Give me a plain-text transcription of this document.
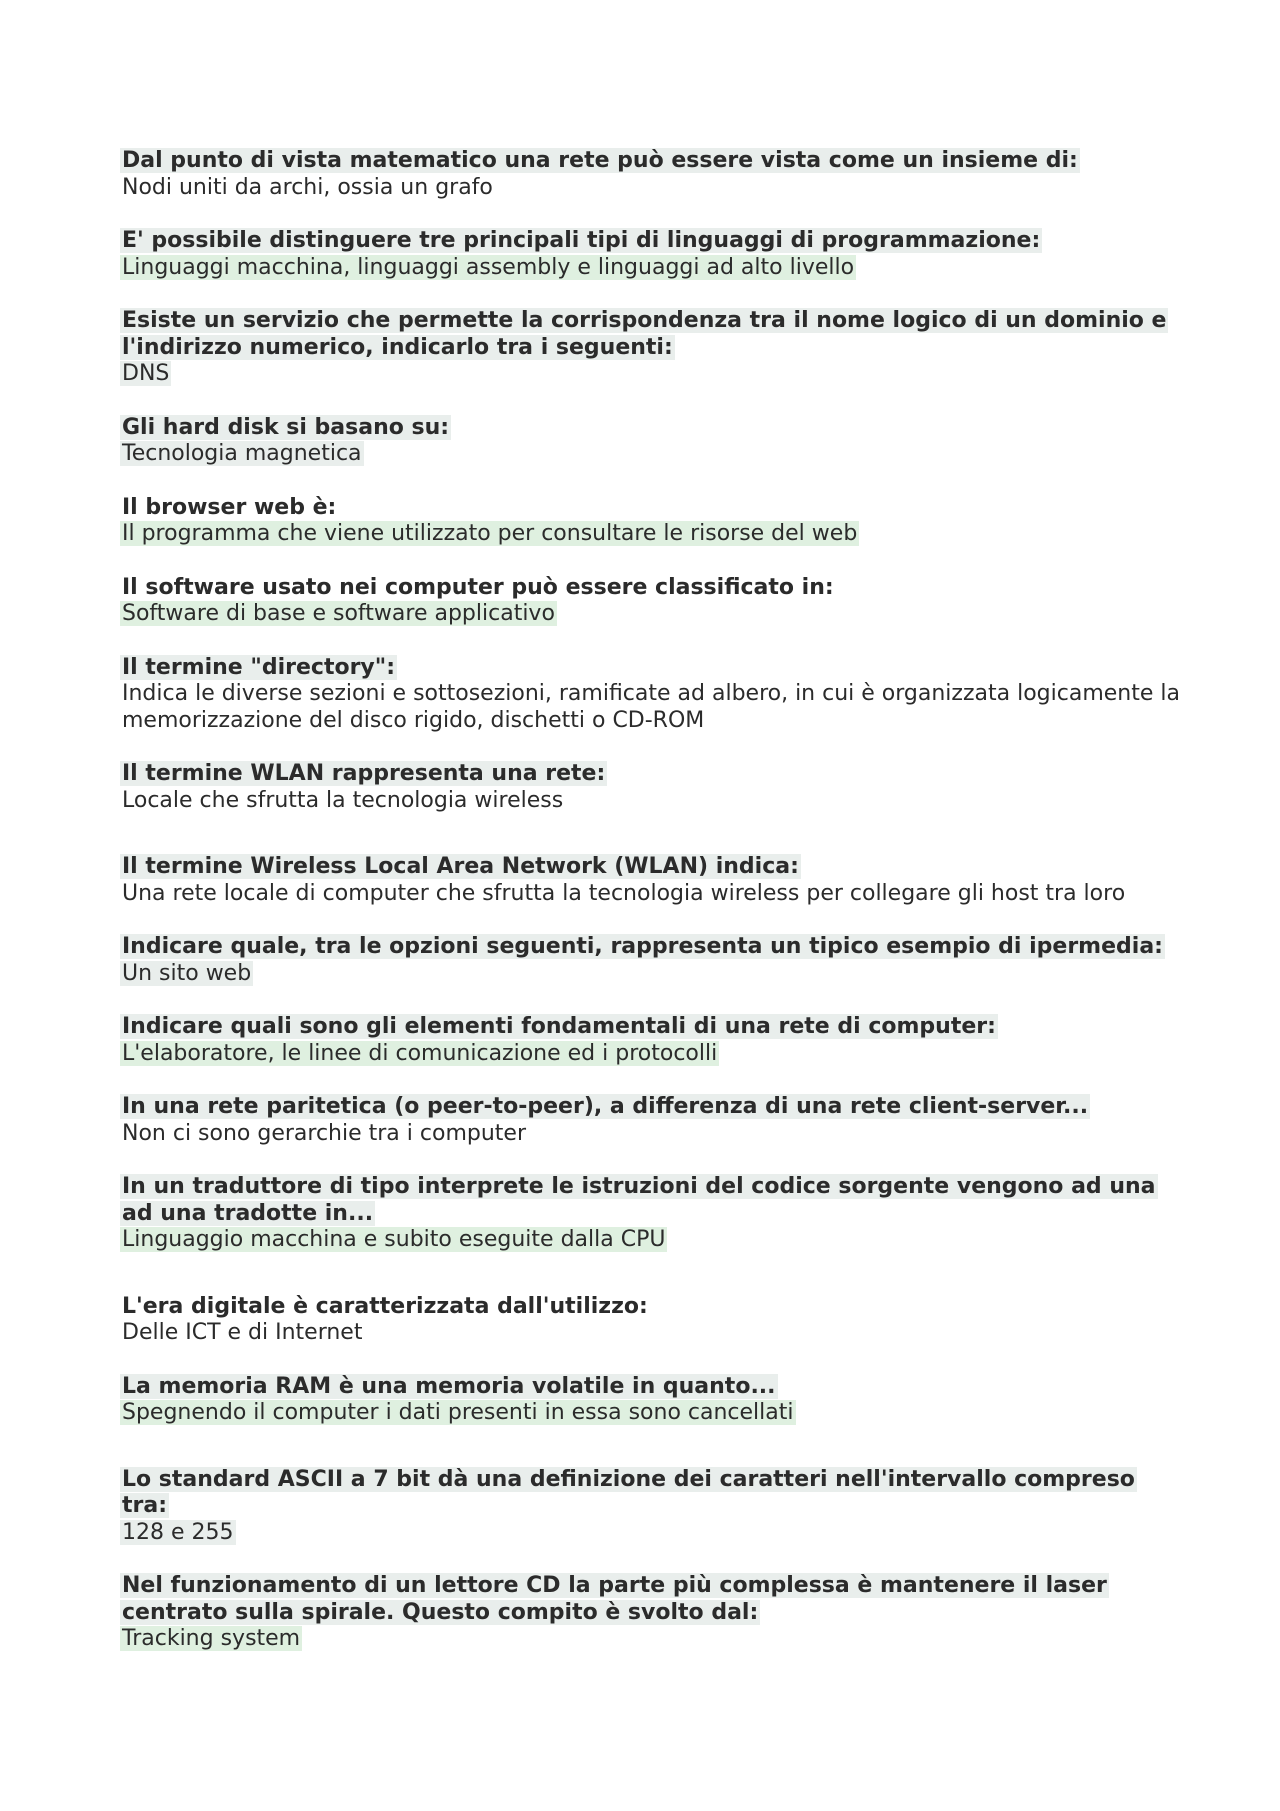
Dal punto di vista matematico una rete può essere vista come un insieme di:
Nodi uniti da archi, ossia un grafo
E' possibile distinguere tre principali tipi di linguaggi di programmazione:
Linguaggi macchina, linguaggi assembly e linguaggi ad alto livello
Esiste un servizio che permette la corrispondenza tra il nome logico di un dominio e l'indirizzo numerico, indicarlo tra i seguenti:
DNS
Gli hard disk si basano su:
Tecnologia magnetica
Il browser web è:
Il programma che viene utilizzato per consultare le risorse del web
Il software usato nei computer può essere classificato in:
Software di base e software applicativo
Il termine "directory":
Indica le diverse sezioni e sottosezioni, ramificate ad albero, in cui è organizzata logicamente la memorizzazione del disco rigido, dischetti o CD-ROM
Il termine WLAN rappresenta una rete:
Locale che sfrutta la tecnologia wireless
Il termine Wireless Local Area Network (WLAN) indica:
Una rete locale di computer che sfrutta la tecnologia wireless per collegare gli host tra loro
Indicare quale, tra le opzioni seguenti, rappresenta un tipico esempio di ipermedia:
Un sito web
Indicare quali sono gli elementi fondamentali di una rete di computer:
L'elaboratore, le linee di comunicazione ed i protocolli
In una rete paritetica (o peer-to-peer), a differenza di una rete client-server...
Non ci sono gerarchie tra i computer
In un traduttore di tipo interprete le istruzioni del codice sorgente vengono ad una ad una tradotte in...
Linguaggio macchina e subito eseguite dalla CPU
L'era digitale è caratterizzata dall'utilizzo:
Delle ICT e di Internet
La memoria RAM è una memoria volatile in quanto...
Spegnendo il computer i dati presenti in essa sono cancellati
Lo standard ASCII a 7 bit dà una definizione dei caratteri nell'intervallo compreso tra:
128 e 255
Nel funzionamento di un lettore CD la parte più complessa è mantenere il laser centrato sulla spirale. Questo compito è svolto dal:
Tracking system
